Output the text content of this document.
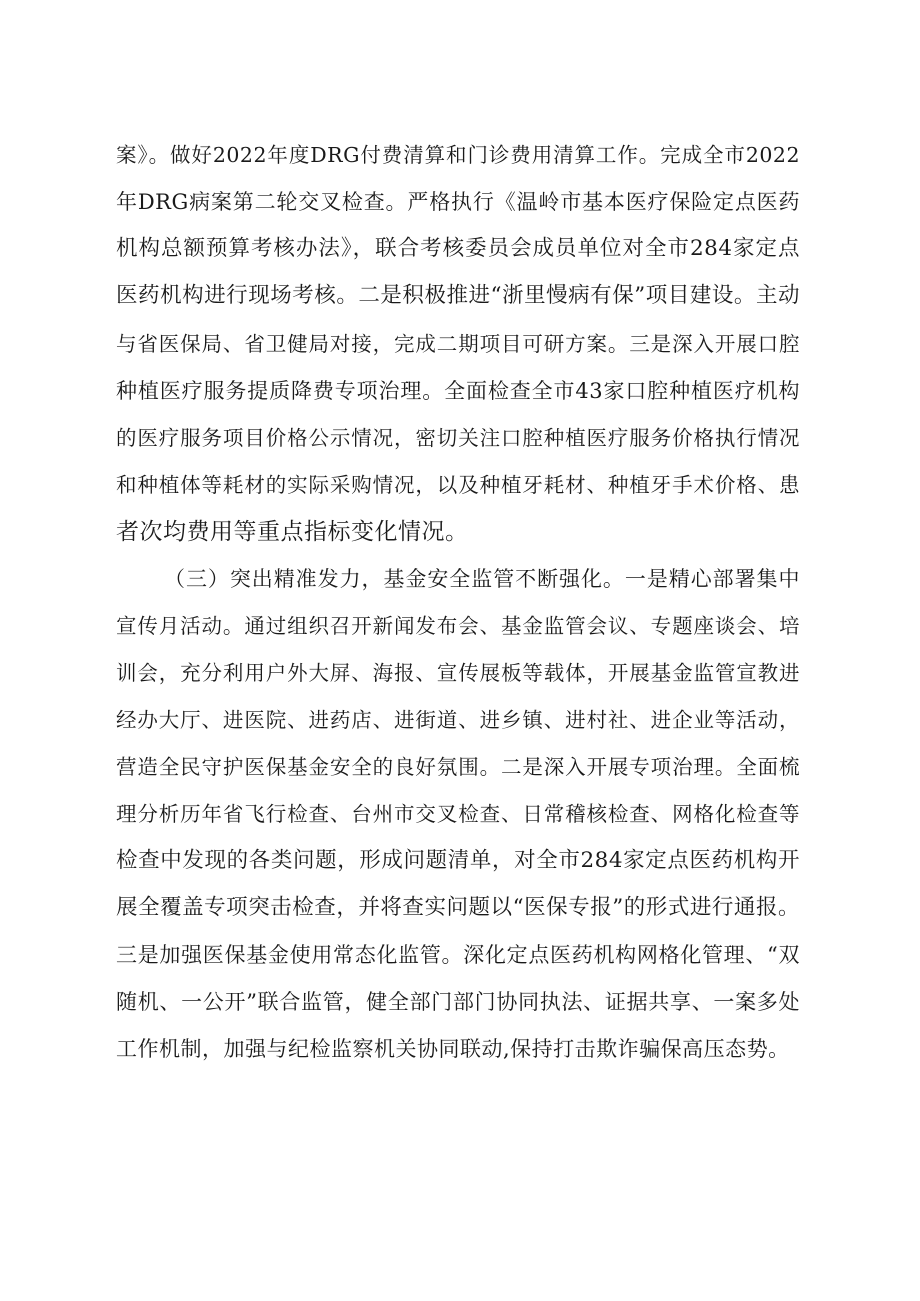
案》。做好2022年度DRG付费清算和门诊费用清算工作。完成全市2022
年DRG病案第二轮交叉检查。严格执行《温岭市基本医疗保险定点医药
机构总额预算考核办法》，联合考核委员会成员单位对全市284家定点
医药机构进行现场考核。二是积极推进“浙里慢病有保”项目建设。主动
与省医保局、省卫健局对接，完成二期项目可研方案。三是深入开展口腔
种植医疗服务提质降费专项治理。全面检查全市43家口腔种植医疗机构
的医疗服务项目价格公示情况，密切关注口腔种植医疗服务价格执行情况
和种植体等耗材的实际采购情况，以及种植牙耗材、种植牙手术价格、患
者次均费用等重点指标变化情况。
（三）突出精准发力，基金安全监管不断强化。一是精心部署集中
宣传月活动。通过组织召开新闻发布会、基金监管会议、专题座谈会、培
训会，充分利用户外大屏、海报、宣传展板等载体，开展基金监管宣教进
经办大厅、进医院、进药店、进街道、进乡镇、进村社、进企业等活动，
营造全民守护医保基金安全的良好氛围。二是深入开展专项治理。全面梳
理分析历年省飞行检查、台州市交叉检查、日常稽核检查、网格化检查等
检查中发现的各类问题，形成问题清单，对全市284家定点医药机构开
展全覆盖专项突击检查，并将查实问题以“医保专报”的形式进行通报。
三是加强医保基金使用常态化监管。深化定点医药机构网格化管理、“双
随机、一公开”联合监管，健全部门部门协同执法、证据共享、一案多处
工作机制，加强与纪检监察机关协同联动,保持打击欺诈骗保高压态势。
